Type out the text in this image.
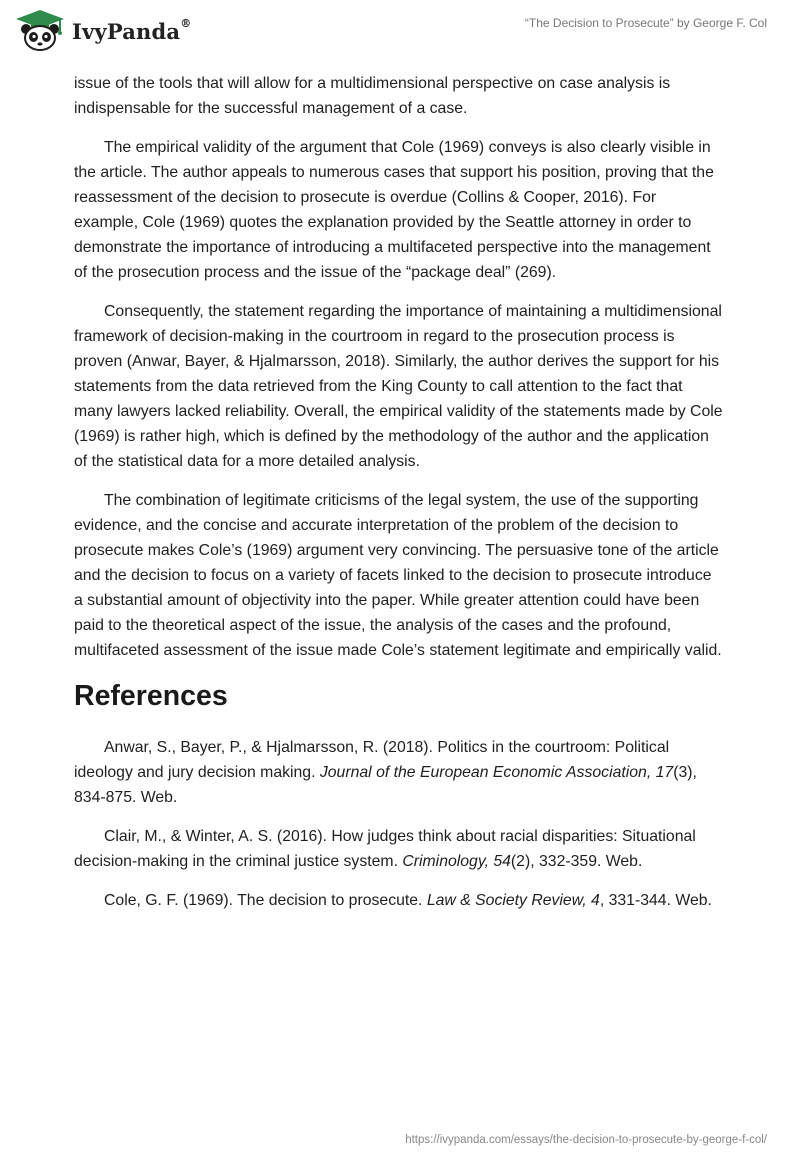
IvyPanda®	“The Decision to Prosecute” by George F. Col

issue of the tools that will allow for a multidimensional perspective on case analysis is indispensable for the successful management of a case.

The empirical validity of the argument that Cole (1969) conveys is also clearly visible in the article. The author appeals to numerous cases that support his position, proving that the reassessment of the decision to prosecute is overdue (Collins & Cooper, 2016). For example, Cole (1969) quotes the explanation provided by the Seattle attorney in order to demonstrate the importance of introducing a multifaceted perspective into the management of the prosecution process and the issue of the “package deal” (269).

Consequently, the statement regarding the importance of maintaining a multidimensional framework of decision-making in the courtroom in regard to the prosecution process is proven (Anwar, Bayer, & Hjalmarsson, 2018). Similarly, the author derives the support for his statements from the data retrieved from the King County to call attention to the fact that many lawyers lacked reliability. Overall, the empirical validity of the statements made by Cole (1969) is rather high, which is defined by the methodology of the author and the application of the statistical data for a more detailed analysis.

The combination of legitimate criticisms of the legal system, the use of the supporting evidence, and the concise and accurate interpretation of the problem of the decision to prosecute makes Cole’s (1969) argument very convincing. The persuasive tone of the article and the decision to focus on a variety of facets linked to the decision to prosecute introduce a substantial amount of objectivity into the paper. While greater attention could have been paid to the theoretical aspect of the issue, the analysis of the cases and the profound, multifaceted assessment of the issue made Cole’s statement legitimate and empirically valid.

References

Anwar, S., Bayer, P., & Hjalmarsson, R. (2018). Politics in the courtroom: Political ideology and jury decision making. Journal of the European Economic Association, 17(3), 834-875. Web.

Clair, M., & Winter, A. S. (2016). How judges think about racial disparities: Situational decision-making in the criminal justice system. Criminology, 54(2), 332-359. Web.

Cole, G. F. (1969). The decision to prosecute. Law & Society Review, 4, 331-344. Web.

https://ivypanda.com/essays/the-decision-to-prosecute-by-george-f-col/
